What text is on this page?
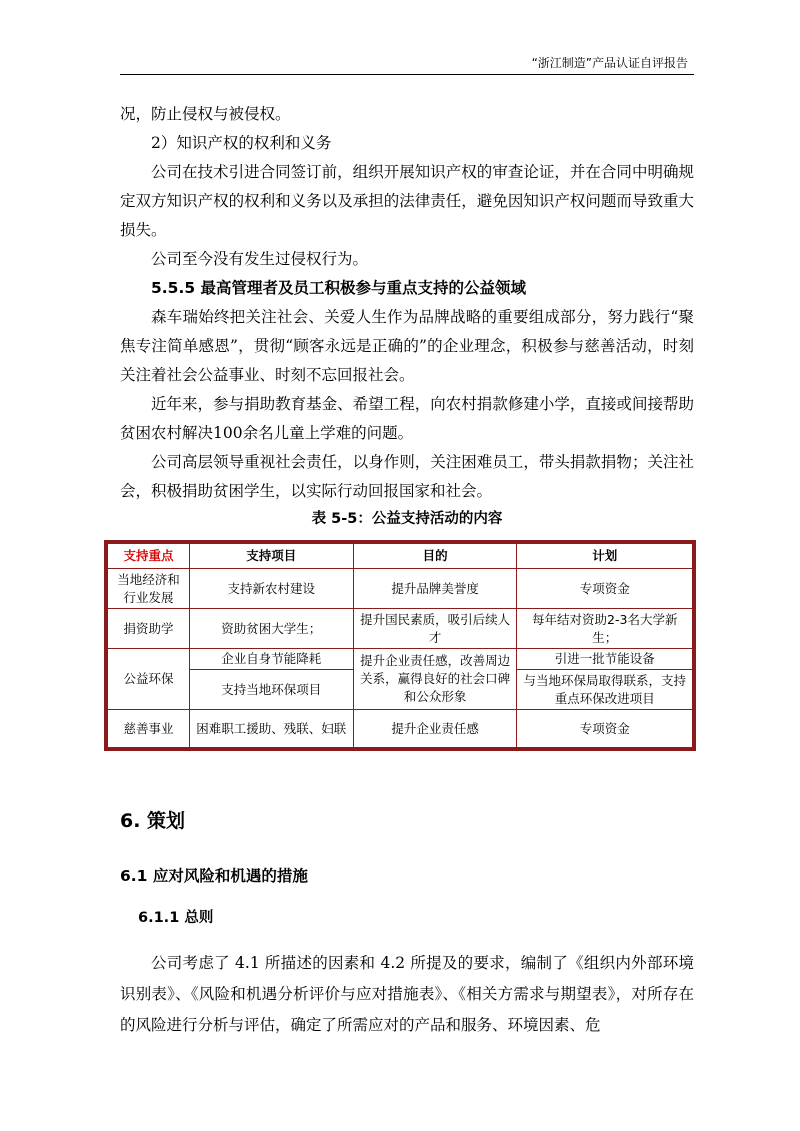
“浙江制造”产品认证自评报告

况，防止侵权与被侵权。

2）知识产权的权利和义务

公司在技术引进合同签订前，组织开展知识产权的审查论证，并在合同中明确规定双方知识产权的权利和义务以及承担的法律责任，避免因知识产权问题而导致重大损失。

公司至今没有发生过侵权行为。

5.5.5 最高管理者及员工积极参与重点支持的公益领域

森车瑞始终把关注社会、关爱人生作为品牌战略的重要组成部分，努力践行“聚焦专注简单感恩”，贯彻“顾客永远是正确的”的企业理念，积极参与慈善活动，时刻关注着社会公益事业、时刻不忘回报社会。

近年来，参与捐助教育基金、希望工程，向农村捐款修建小学，直接或间接帮助贫困农村解决100余名儿童上学难的问题。

公司高层领导重视社会责任，以身作则，关注困难员工，带头捐款捐物；关注社会，积极捐助贫困学生，以实际行动回报国家和社会。

表 5-5：公益支持活动的内容

支持重点	支持项目	目的	计划
当地经济和行业发展	支持新农村建设	提升品牌美誉度	专项资金
捐资助学	资助贫困大学生；	提升国民素质，吸引后续人才	每年结对资助2-3名大学新生；
公益环保	企业自身节能降耗	提升企业责任感，改善周边关系，赢得良好的社会口碑和公众形象	引进一批节能设备
	支持当地环保项目		与当地环保局取得联系，支持重点环保改进项目
慈善事业	困难职工援助、残联、妇联	提升企业责任感	专项资金
6. 策划
6.1 应对风险和机遇的措施
6.1.1 总则

公司考虑了 4.1 所描述的因素和 4.2 所提及的要求，编制了《组织内外部环境识别表》、《风险和机遇分析评价与应对措施表》、《相关方需求与期望表》，对所存在的风险进行分析与评估，确定了所需应对的产品和服务、环境因素、危
